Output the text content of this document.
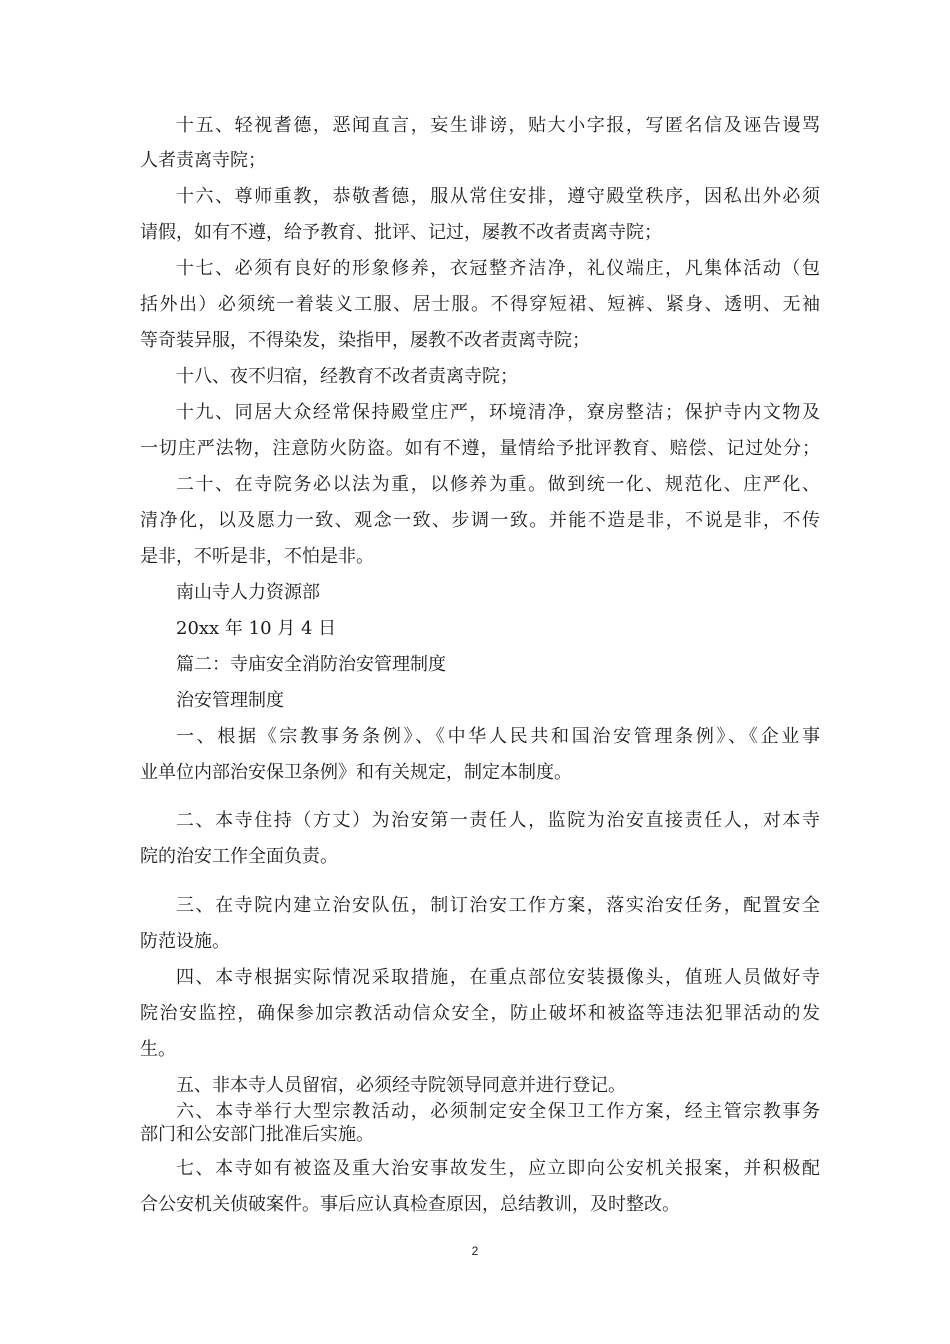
十五、轻视耆德，恶闻直言，妄生诽谤，贴大小字报，写匿名信及诬告谩骂
人者责离寺院；
十六、尊师重教，恭敬耆德，服从常住安排，遵守殿堂秩序，因私出外必须
请假，如有不遵，给予教育、批评、记过，屡教不改者责离寺院；
十七、必须有良好的形象修养，衣冠整齐洁净，礼仪端庄，凡集体活动（包
括外出）必须统一着装义工服、居士服。不得穿短裙、短裤、紧身、透明、无袖
等奇装异服，不得染发，染指甲，屡教不改者责离寺院；
十八、夜不归宿，经教育不改者责离寺院；
十九、同居大众经常保持殿堂庄严，环境清净，寮房整洁；保护寺内文物及
一切庄严法物，注意防火防盗。如有不遵，量情给予批评教育、赔偿、记过处分；
二十、在寺院务必以法为重，以修养为重。做到统一化、规范化、庄严化、
清净化，以及愿力一致、观念一致、步调一致。并能不造是非，不说是非，不传
是非，不听是非，不怕是非。
南山寺人力资源部
20xx 年 10 月 4 日
篇二：寺庙安全消防治安管理制度
治安管理制度
一、根据《宗教事务条例》、《中华人民共和国治安管理条例》、《企业事
业单位内部治安保卫条例》和有关规定，制定本制度。
二、本寺住持（方丈）为治安第一责任人，监院为治安直接责任人，对本寺
院的治安工作全面负责。
三、在寺院内建立治安队伍，制订治安工作方案，落实治安任务，配置安全
防范设施。
四、本寺根据实际情况采取措施，在重点部位安装摄像头，值班人员做好寺
院治安监控，确保参加宗教活动信众安全，防止破坏和被盗等违法犯罪活动的发
生。
五、非本寺人员留宿，必须经寺院领导同意并进行登记。
六、本寺举行大型宗教活动，必须制定安全保卫工作方案，经主管宗教事务
部门和公安部门批准后实施。
七、本寺如有被盗及重大治安事故发生，应立即向公安机关报案，并积极配
合公安机关侦破案件。事后应认真检查原因，总结教训，及时整改。
2
